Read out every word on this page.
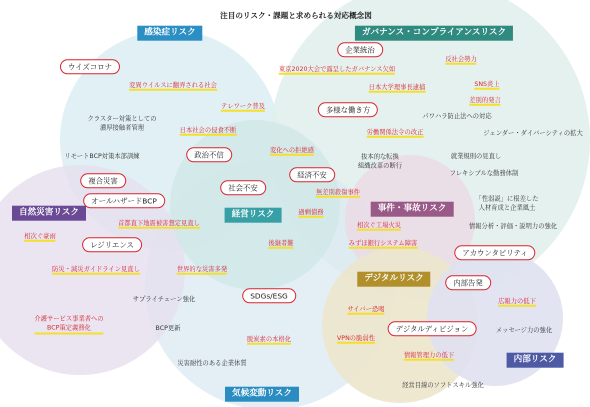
注目のリスク・課題と求められる対応概念図
感染症リスク	ガバナンス・コンプライアンスリスク
自然災害リスク	経営リスク
事件・事故リスク
デジタルリスク
内部リスク
気候変動リスク
ウイズコロナ
企業統治
多様な働き方
政治不信
社会不安
経済不安
複合災害
オールハザードBCP
レジリエンス
アカウンタビリティ
内部告発
SDGs/ESG
デジタルディビジョン
変異ウイルスに翻弄される社会
テレワーク普及
日本社会の侵食不断
東京2020大会で露呈したガバナンス欠如
反社会勢力
日本大学理事長逮捕	SNS炎上
差別的発言
労働関係法令の改正
変化への拒絶感
無差別殺傷事件
過剰債務
首都直下地震被害想定見直し
相次ぐ豪雨
相次ぐ工場火災
みずほ銀行システム障害
後継者難
防災・減災ガイドライン見直し	世界的な災害多発
サイバー恐喝
VPNの脆弱性
情報管理力の低下
広報力の低下
介護サービス事業者への
BCP策定義務化
脱炭素の本格化
クラスター対策としての
濃厚接触者管理
リモートBCP対策本部訓練
パワハラ防止法への対応
ジェンダー・ダイバーシティの拡大
就業規則の見直し
フレキシブルな勤務体制
抜本的な転換
組織改革の断行
「性弱説」に根差した
人材育成と企業風土
情報分析・評価・説明力の強化
サプライチェーン強化
BCP更新
災害耐性のある企業体質
メッセージ力の強化
経営目線のソフトスキル強化
